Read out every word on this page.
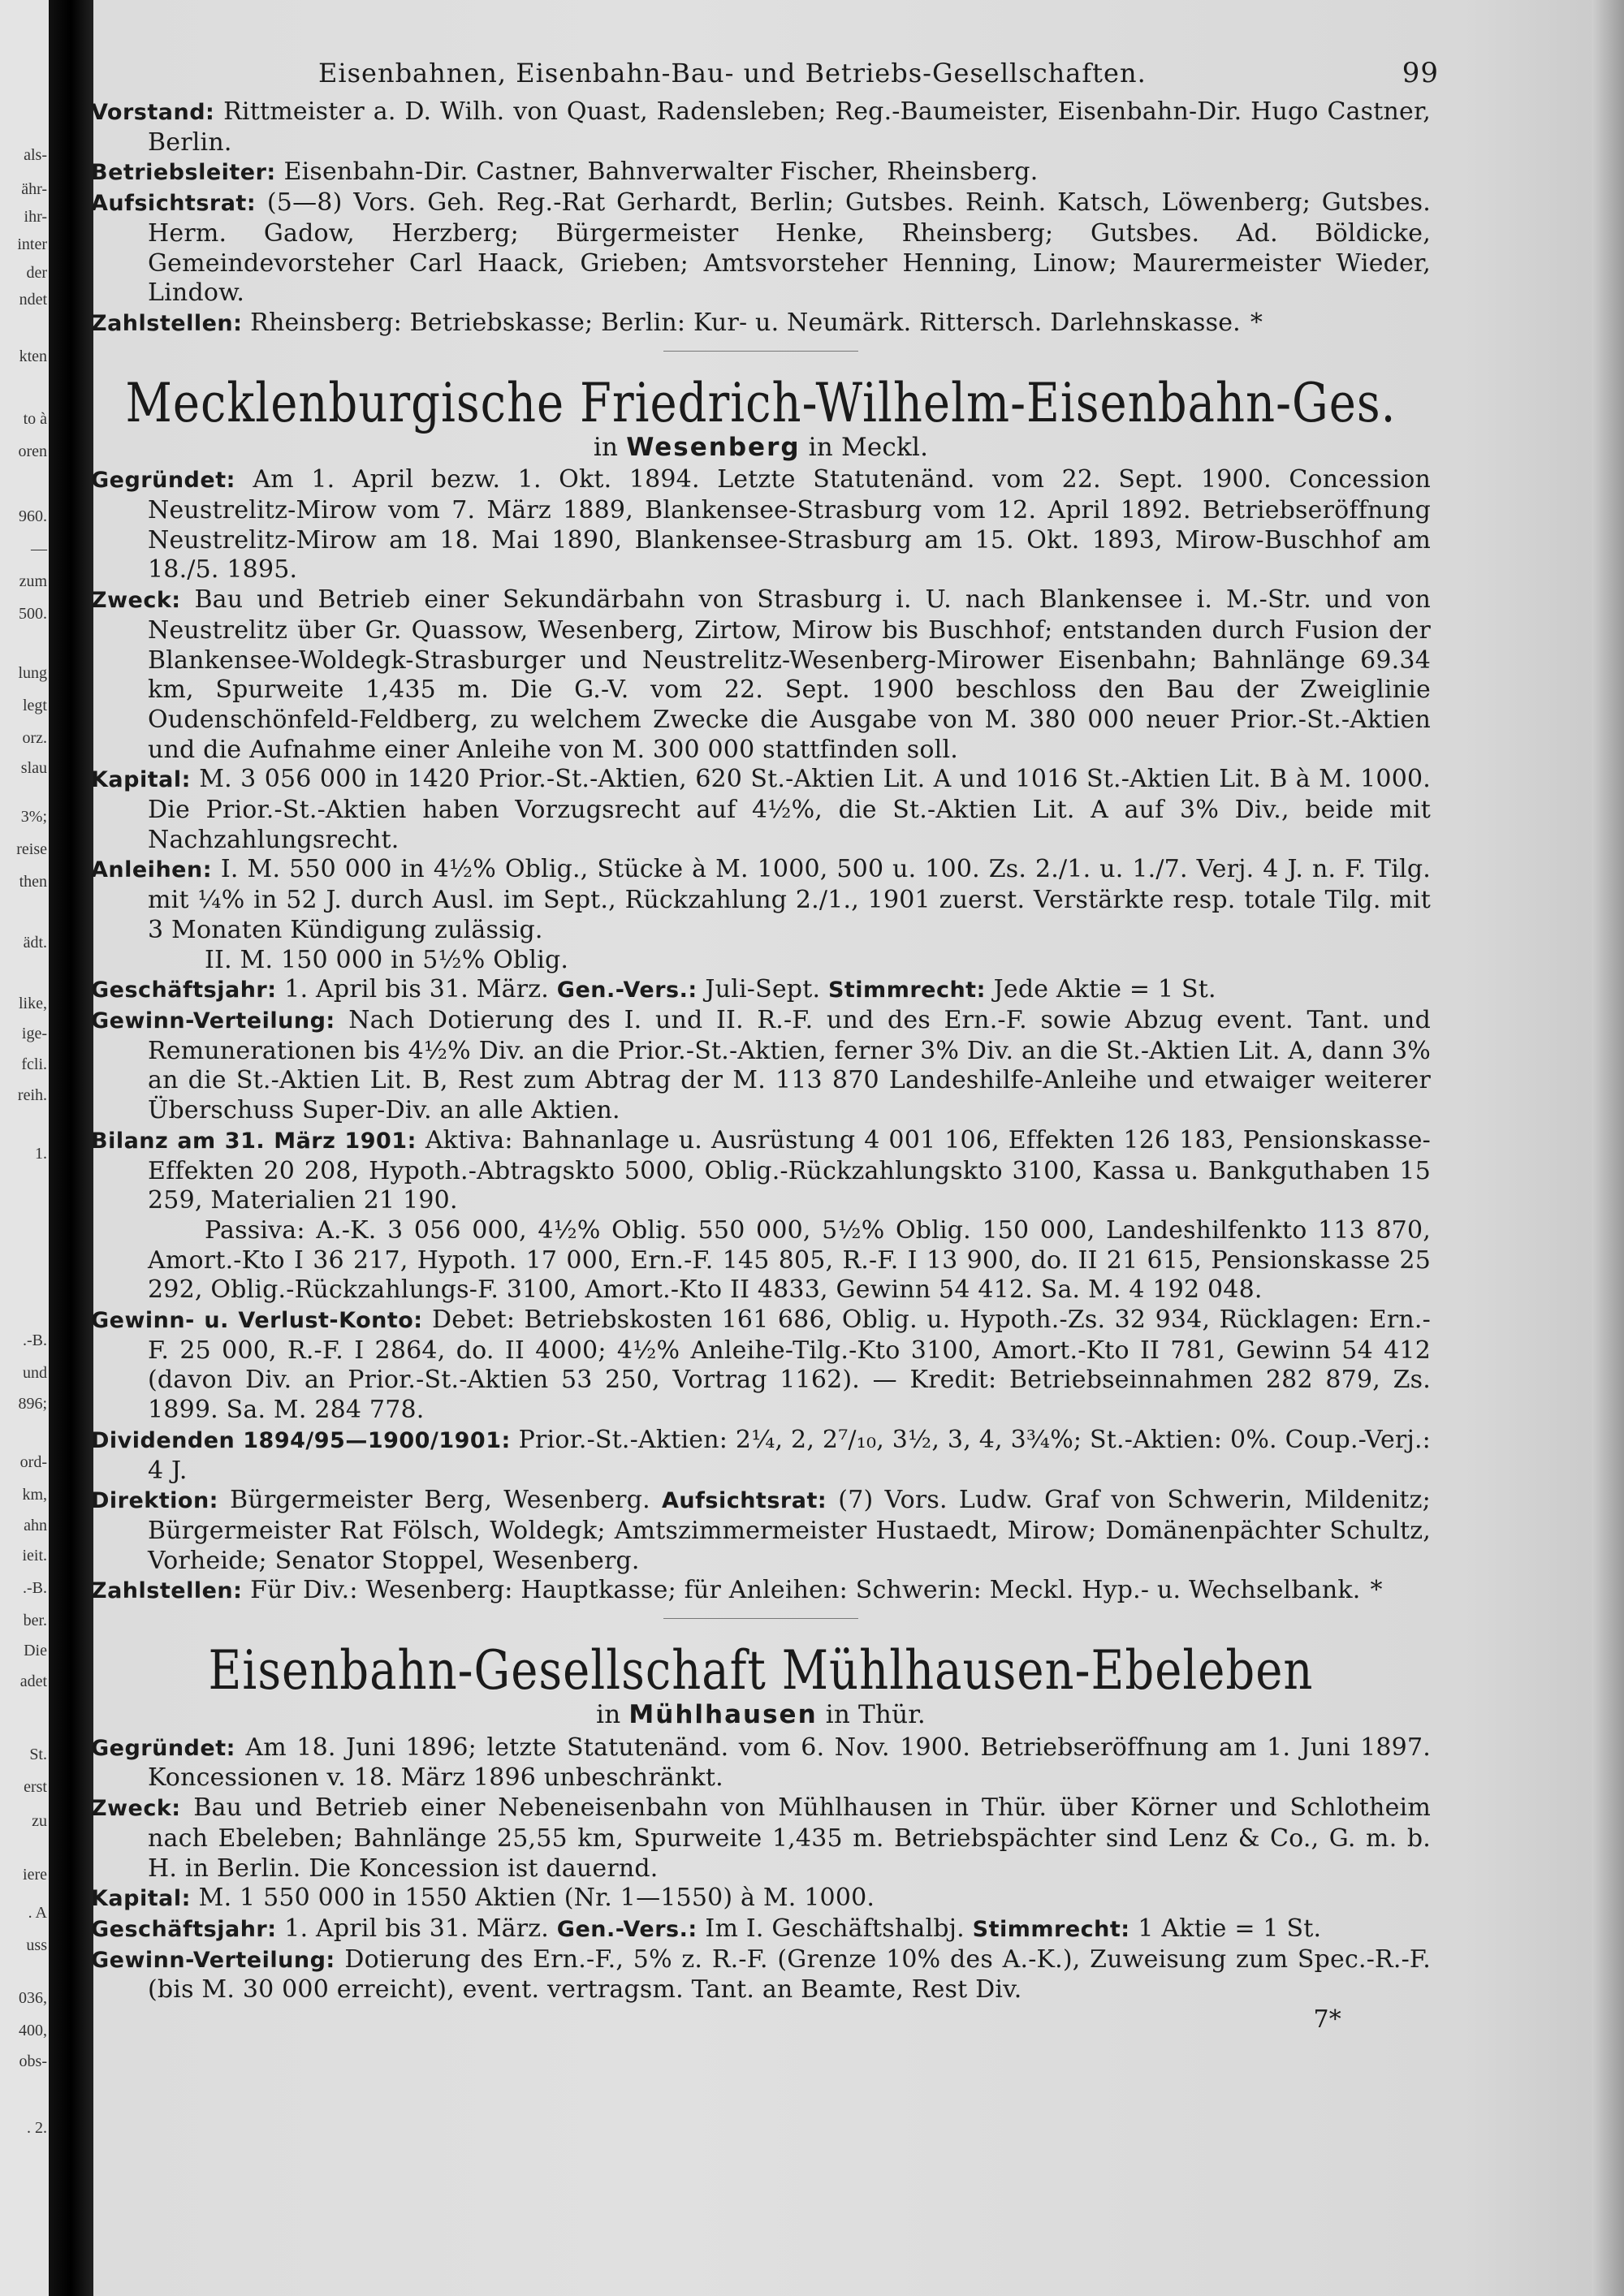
als-
ähr-
ihr-
inter
der
ndet
kten
to à
oren
960.
—
zum
500.
lung
legt
orz.
slau
3%;
reise
then
ädt.
like,
ige-
fcli.
reih.
1.
.-B.
und
896;
ord-
km,
ahn
ieit.
.-B.
ber.
Die
adet
St.
erst
zu
iere
. A
uss
036,
400,
obs-
. 2.
Eisenbahnen, Eisenbahn-Bau- und Betriebs-Gesellschaften.	99

Vorstand: Rittmeister a. D. Wilh. von Quast, Radensleben; Reg.-Baumeister, Eisenbahn-Dir. Hugo Castner, Berlin.

Betriebsleiter: Eisenbahn-Dir. Castner, Bahnverwalter Fischer, Rheinsberg.

Aufsichtsrat: (5—8) Vors. Geh. Reg.-Rat Gerhardt, Berlin; Gutsbes. Reinh. Katsch, Löwenberg; Gutsbes. Herm. Gadow, Herzberg; Bürgermeister Henke, Rheinsberg; Gutsbes. Ad. Böldicke, Gemeindevorsteher Carl Haack, Grieben; Amtsvorsteher Henning, Linow; Maurermeister Wieder, Lindow.

Zahlstellen: Rheinsberg: Betriebskasse; Berlin: Kur- u. Neumärk. Rittersch. Darlehnskasse. *

Mecklenburgische Friedrich-Wilhelm-Eisenbahn-Ges.
in Wesenberg in Meckl.

Gegründet: Am 1. April bezw. 1. Okt. 1894. Letzte Statutenänd. vom 22. Sept. 1900. Concession Neustrelitz-Mirow vom 7. März 1889, Blankensee-Strasburg vom 12. April 1892. Betriebseröffnung Neustrelitz-Mirow am 18. Mai 1890, Blankensee-Strasburg am 15. Okt. 1893, Mirow-Buschhof am 18./5. 1895.

Zweck: Bau und Betrieb einer Sekundärbahn von Strasburg i. U. nach Blankensee i. M.-Str. und von Neustrelitz über Gr. Quassow, Wesenberg, Zirtow, Mirow bis Buschhof; entstanden durch Fusion der Blankensee-Woldegk-Strasburger und Neustrelitz-Wesenberg-Mirower Eisenbahn; Bahnlänge 69.34 km, Spurweite 1,435 m. Die G.-V. vom 22. Sept. 1900 beschloss den Bau der Zweiglinie Oudenschönfeld-Feldberg, zu welchem Zwecke die Ausgabe von M. 380 000 neuer Prior.-St.-Aktien und die Aufnahme einer Anleihe von M. 300 000 stattfinden soll.

Kapital: M. 3 056 000 in 1420 Prior.-St.-Aktien, 620 St.-Aktien Lit. A und 1016 St.-Aktien Lit. B à M. 1000. Die Prior.-St.-Aktien haben Vorzugsrecht auf 4½%, die St.-Aktien Lit. A auf 3% Div., beide mit Nachzahlungsrecht.

Anleihen: I. M. 550 000 in 4½% Oblig., Stücke à M. 1000, 500 u. 100. Zs. 2./1. u. 1./7. Verj. 4 J. n. F. Tilg. mit ¼% in 52 J. durch Ausl. im Sept., Rückzahlung 2./1., 1901 zuerst. Verstärkte resp. totale Tilg. mit 3 Monaten Kündigung zulässig.

II. M. 150 000 in 5½% Oblig.

Geschäftsjahr: 1. April bis 31. März. Gen.-Vers.: Juli-Sept. Stimmrecht: Jede Aktie = 1 St.

Gewinn-Verteilung: Nach Dotierung des I. und II. R.-F. und des Ern.-F. sowie Abzug event. Tant. und Remunerationen bis 4½% Div. an die Prior.-St.-Aktien, ferner 3% Div. an die St.-Aktien Lit. A, dann 3% an die St.-Aktien Lit. B, Rest zum Abtrag der M. 113 870 Landeshilfe-Anleihe und etwaiger weiterer Überschuss Super-Div. an alle Aktien.

Bilanz am 31. März 1901: Aktiva: Bahnanlage u. Ausrüstung 4 001 106, Effekten 126 183, Pensionskasse-Effekten 20 208, Hypoth.-Abtragskto 5000, Oblig.-Rückzahlungskto 3100, Kassa u. Bankguthaben 15 259, Materialien 21 190.

Passiva: A.-K. 3 056 000, 4½% Oblig. 550 000, 5½% Oblig. 150 000, Landeshilfenkto 113 870, Amort.-Kto I 36 217, Hypoth. 17 000, Ern.-F. 145 805, R.-F. I 13 900, do. II 21 615, Pensionskasse 25 292, Oblig.-Rückzahlungs-F. 3100, Amort.-Kto II 4833, Gewinn 54 412. Sa. M. 4 192 048.

Gewinn- u. Verlust-Konto: Debet: Betriebskosten 161 686, Oblig. u. Hypoth.-Zs. 32 934, Rücklagen: Ern.-F. 25 000, R.-F. I 2864, do. II 4000; 4½% Anleihe-Tilg.-Kto 3100, Amort.-Kto II 781, Gewinn 54 412 (davon Div. an Prior.-St.-Aktien 53 250, Vortrag 1162). — Kredit: Betriebseinnahmen 282 879, Zs. 1899. Sa. M. 284 778.

Dividenden 1894/95—1900/1901: Prior.-St.-Aktien: 2¼, 2, 2⁷/₁₀, 3½, 3, 4, 3¾%; St.-Aktien: 0%. Coup.-Verj.: 4 J.

Direktion: Bürgermeister Berg, Wesenberg. Aufsichtsrat: (7) Vors. Ludw. Graf von Schwerin, Mildenitz; Bürgermeister Rat Fölsch, Woldegk; Amtszimmermeister Hustaedt, Mirow; Domänenpächter Schultz, Vorheide; Senator Stoppel, Wesenberg.

Zahlstellen: Für Div.: Wesenberg: Hauptkasse; für Anleihen: Schwerin: Meckl. Hyp.- u. Wechselbank. *

Eisenbahn-Gesellschaft Mühlhausen-Ebeleben
in Mühlhausen in Thür.

Gegründet: Am 18. Juni 1896; letzte Statutenänd. vom 6. Nov. 1900. Betriebseröffnung am 1. Juni 1897. Koncessionen v. 18. März 1896 unbeschränkt.

Zweck: Bau und Betrieb einer Nebeneisenbahn von Mühlhausen in Thür. über Körner und Schlotheim nach Ebeleben; Bahnlänge 25,55 km, Spurweite 1,435 m. Betriebspächter sind Lenz & Co., G. m. b. H. in Berlin. Die Koncession ist dauernd.

Kapital: M. 1 550 000 in 1550 Aktien (Nr. 1—1550) à M. 1000.

Geschäftsjahr: 1. April bis 31. März. Gen.-Vers.: Im I. Geschäftshalbj. Stimmrecht: 1 Aktie = 1 St.

Gewinn-Verteilung: Dotierung des Ern.-F., 5% z. R.-F. (Grenze 10% des A.-K.), Zuweisung zum Spec.-R.-F. (bis M. 30 000 erreicht), event. vertragsm. Tant. an Beamte, Rest Div.

7*
